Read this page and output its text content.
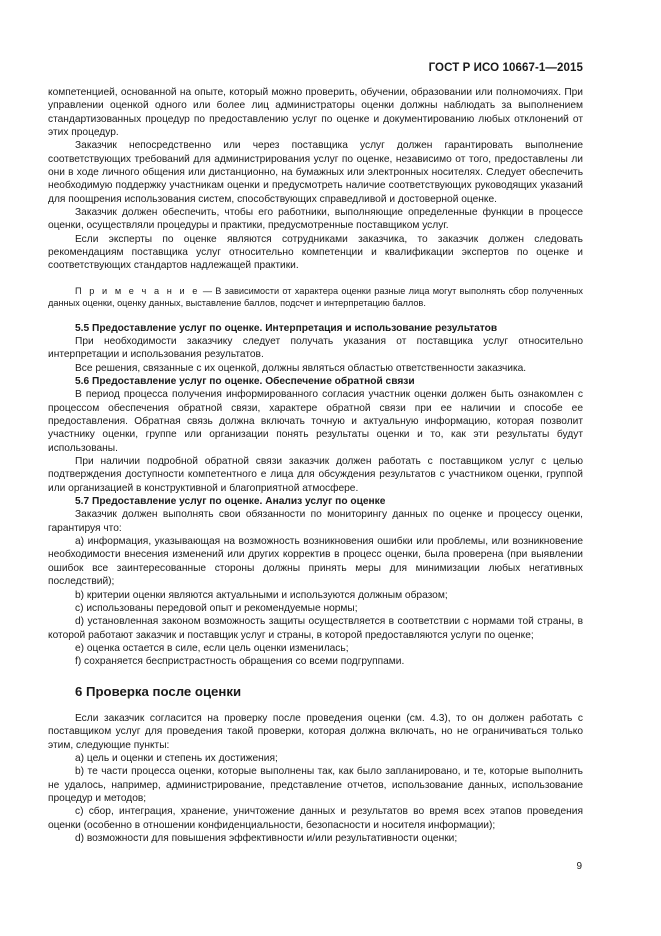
ГОСТ Р ИСО 10667-1—2015

компетенцией, основанной на опыте, который можно проверить, обучении, образовании или полномочиях. При управлении оценкой одного или более лиц администраторы оценки должны наблюдать за выполнением стандартизованных процедур по предоставлению услуг по оценке и документированию любых отклонений от этих процедур.

Заказчик непосредственно или через поставщика услуг должен гарантировать выполнение соответствующих требований для администрирования услуг по оценке, независимо от того, предоставлены ли они в ходе личного общения или дистанционно, на бумажных или электронных носителях. Следует обеспечить необходимую поддержку участникам оценки и предусмотреть наличие соответствующих руководящих указаний для поощрения использования систем, способствующих справедливой и достоверной оценке.

Заказчик должен обеспечить, чтобы его работники, выполняющие определенные функции в процессе оценки, осуществляли процедуры и практики, предусмотренные поставщиком услуг.

Если эксперты по оценке являются сотрудниками заказчика, то заказчик должен следовать рекомендациям поставщика услуг относительно компетенции и квалификации экспертов по оценке и соответствующих стандартов надлежащей практики.

П р и м е ч а н и е — В зависимости от характера оценки разные лица могут выполнять сбор полученных данных оценки, оценку данных, выставление баллов, подсчет и интерпретацию баллов.

5.5 Предоставление услуг по оценке. Интерпретация и использование результатов

При необходимости заказчику следует получать указания от поставщика услуг относительно интерпретации и использования результатов.

Все решения, связанные с их оценкой, должны являться областью ответственности заказчика.

5.6 Предоставление услуг по оценке. Обеспечение обратной связи

В период процесса получения информированного согласия участник оценки должен быть ознакомлен с процессом обеспечения обратной связи, характере обратной связи при ее наличии и способе ее предоставления. Обратная связь должна включать точную и актуальную информацию, которая позволит участнику оценки, группе или организации понять результаты оценки и то, как эти результаты будут использованы.

При наличии подробной обратной связи заказчик должен работать с поставщиком услуг с целью подтверждения доступности компетентного e лица для обсуждения результатов с участником оценки, группой или организацией в конструктивной и благоприятной атмосфере.

5.7 Предоставление услуг по оценке. Анализ услуг по оценке

Заказчик должен выполнять свои обязанности по мониторингу данных по оценке и процессу оценки, гарантируя что:

a) информация, указывающая на возможность возникновения ошибки или проблемы, или возникновение необходимости внесения изменений или других корректив в процесс оценки, была проверена (при выявлении ошибок все заинтересованные стороны должны принять меры для минимизации любых негативных последствий);

b) критерии оценки являются актуальными и используются должным образом;

c) использованы передовой опыт и рекомендуемые нормы;

d) установленная законом возможность защиты осуществляется в соответствии с нормами той страны, в которой работают заказчик и поставщик услуг и страны, в которой предоставляются услуги по оценке;

e) оценка остается в силе, если цель оценки изменилась;

f) сохраняется беспристрастность обращения со всеми подгруппами.

6 Проверка после оценки

Если заказчик согласится на проверку после проведения оценки (см. 4.3), то он должен работать с поставщиком услуг для проведения такой проверки, которая должна включать, но не ограничиваться только этим, следующие пункты:

a) цель и оценки и степень их достижения;

b) те части процесса оценки, которые выполнены так, как было запланировано, и те, которые выполнить не удалось, например, администрирование, представление отчетов, использование данных, использование процедур и методов;

c) сбор, интеграция, хранение, уничтожение данных и результатов во время всех этапов проведения оценки (особенно в отношении конфиденциальности, безопасности и носителя информации);

d) возможности для повышения эффективности и/или результативности оценки;

9
